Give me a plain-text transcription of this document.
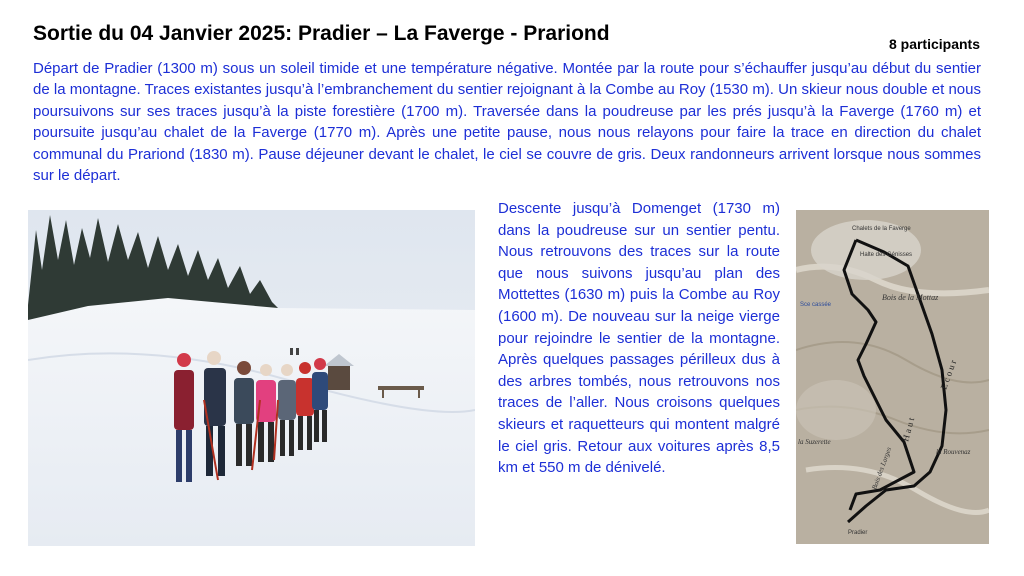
Sortie du 04 Janvier 2025: Pradier – La Faverge - Prariond	8 participants

Départ de Pradier (1300 m) sous un soleil timide et une température négative. Montée par la route pour s’échauffer jusqu’au début du sentier de la montagne. Traces existantes jusqu’à l’embranchement du sentier rejoignant à la Combe au Roy (1530 m). Un skieur nous double et nous poursuivons sur ses traces jusqu’à la piste forestière (1700 m). Traversée dans la poudreuse par les prés jusqu’à la Faverge (1760 m) et poursuite jusqu’au chalet de la Faverge (1770 m). Après une petite pause, nous nous relayons pour faire la trace en direction du chalet communal du Prariond (1830 m). Pause déjeuner devant le chalet, le ciel se couvre de gris. Deux randonneurs arrivent lorsque nous sommes sur le départ.

Descente jusqu’à Domenget (1730 m) dans la poudreuse sur un sentier pentu. Nous retrouvons des traces sur la route que nous suivons jusqu’au plan des Mottettes (1630 m) puis la Combe au Roy (1600 m). De nouveau sur la neige vierge pour rejoindre le sentier de la montagne. Après quelques passages périlleux dus à des arbres tombés, nous retrouvons nos traces de l’aller. Nous croisons quelques skieurs et raquetteurs qui montent malgré le ciel gris. Retour aux voitures après 8,5 km et 550 m de dénivelé.

Chalets de la Faverge
Halte des Génisses
Bois de la Mottaz
Sce cassée
la Suzerette
la Rouvenaz
Pradier
Bois des Larges
H a u t
E c o u r
